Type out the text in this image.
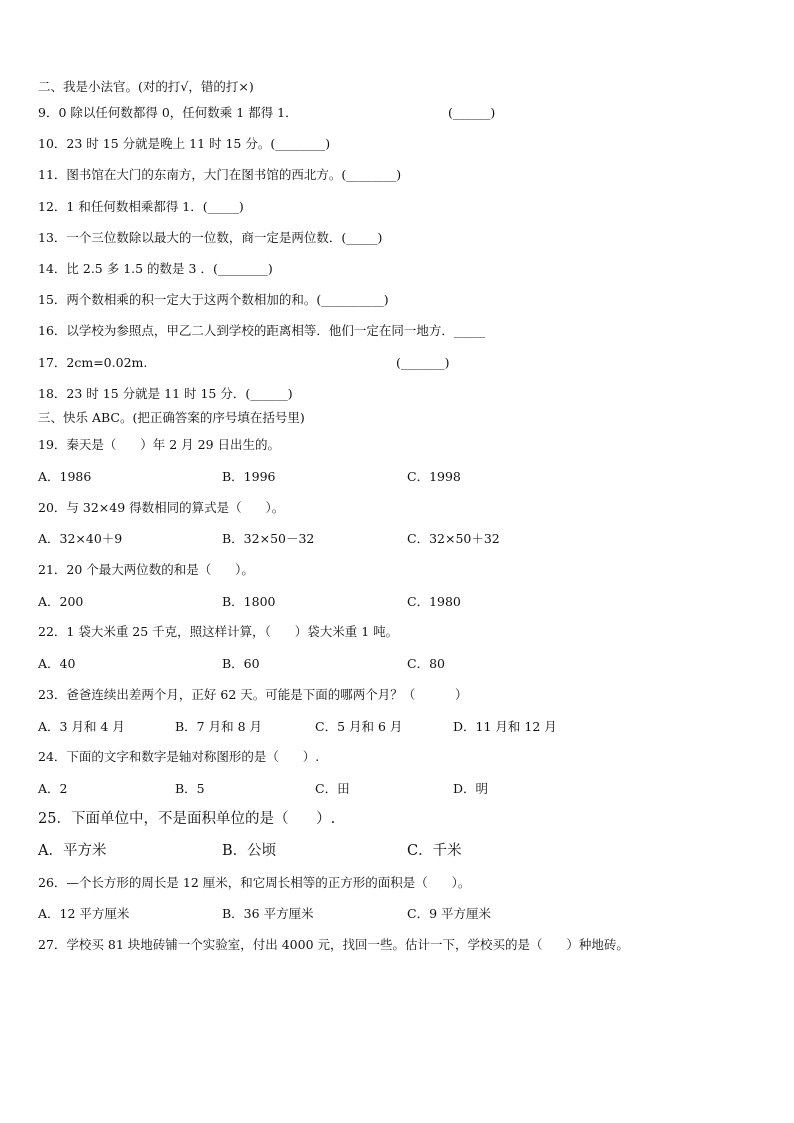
二、我是小法官。(对的打√，错的打×)
9．0 除以任何数都得 0，任何数乘 1 都得 1．	(______)
10．23 时 15 分就是晚上 11 时 15 分。(________)
11．图书馆在大门的东南方，大门在图书馆的西北方。(________)
12．1 和任何数相乘都得 1．(_____)
13．一个三位数除以最大的一位数，商一定是两位数．(_____)
14．比 2.5 多 1.5 的数是 3 ．(________)
15．两个数相乘的积一定大于这两个数相加的和。(__________)
16．以学校为参照点，甲乙二人到学校的距离相等．他们一定在同一地方．_____
17．2cm=0.02m.	(_______)
18．23 时 15 分就是 11 时 15 分．(______)
三、快乐 ABC。(把正确答案的序号填在括号里)
19．秦天是（      ）年 2 月 29 日出生的。
A．1986	B．1996	C．1998
20．与 32×49 得数相同的算式是（      ）。
A．32×40＋9	B．32×50－32	C．32×50＋32
21．20 个最大两位数的和是（      ）。
A．200	B．1800	C．1980
22．1 袋大米重 25 千克，照这样计算，（      ）袋大米重 1 吨。
A．40	B．60	C．80
23．爸爸连续出差两个月，正好 62 天。可能是下面的哪两个月？（          ）
A．3 月和 4 月	B．7 月和 8 月	C．5 月和 6 月	D．11 月和 12 月
24．下面的文字和数字是轴对称图形的是（      ）.
A．2	B．5	C．田	D．明
25．下面单位中，不是面积单位的是（      ）.
A．平方米	B．公顷	C．千米
26．—个长方形的周长是 12 厘米，和它周长相等的正方形的面积是（      ）。
A．12 平方厘米	B．36 平方厘米	C．9 平方厘米
27．学校买 81 块地砖铺一个实验室，付出 4000 元，找回一些。估计一下，学校买的是（      ）种地砖。
